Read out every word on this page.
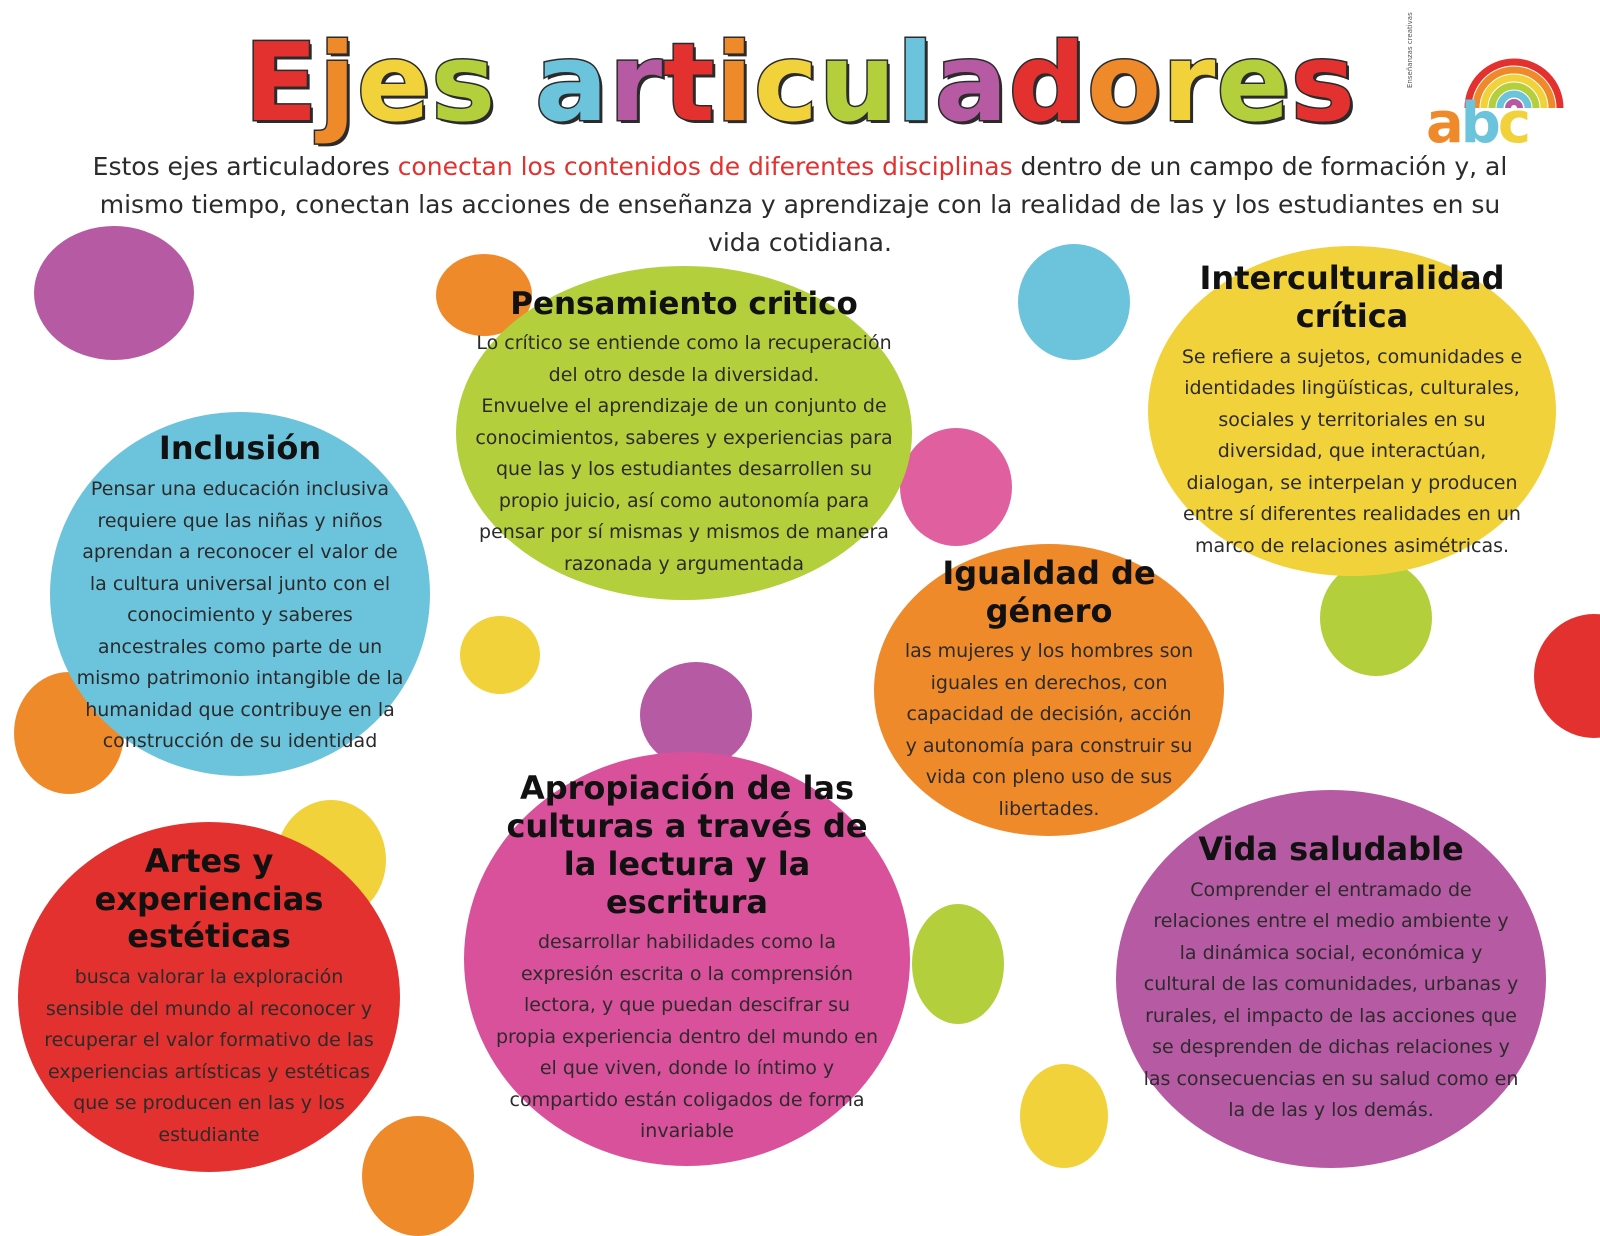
Ejes articuladores
Estos ejes articuladores conectan los contenidos de diferentes disciplinas dentro de un campo de formación y, al mismo tiempo, conectan las acciones de enseñanza y aprendizaje con la realidad de las y los estudiantes en su vida cotidiana.
Enseñanzas creativas
abc
Pensamiento critico

Lo crítico se entiende como la recuperación del otro desde la diversidad.

Envuelve el aprendizaje de un conjunto de conocimientos, saberes y experiencias para que las y los estudiantes desarrollen su propio juicio, así como autonomía para pensar por sí mismas y mismos de manera razonada y argumentada

Interculturalidad crítica

Se refiere a sujetos, comunidades e identidades lingüísticas, culturales, sociales y territoriales en su diversidad, que interactúan, dialogan, se interpelan y producen entre sí diferentes realidades en un marco de relaciones asimétricas.

Inclusión

Pensar una educación inclusiva requiere que las niñas y niños aprendan a reconocer el valor de la cultura universal junto con el conocimiento y saberes ancestrales como parte de un mismo patrimonio intangible de la humanidad que contribuye en la construcción de su identidad

Igualdad de género

las mujeres y los hombres son iguales en derechos, con capacidad de decisión, acción y autonomía para construir su vida con pleno uso de sus libertades.

Artes y experiencias estéticas

busca valorar la exploración sensible del mundo al reconocer y recuperar el valor formativo de las experiencias artísticas y estéticas que se producen en las y los estudiante

Apropiación de las culturas a través de la lectura y la escritura

desarrollar habilidades como la expresión escrita o la comprensión lectora, y que puedan descifrar su propia experiencia dentro del mundo en el que viven, donde lo íntimo y compartido están coligados de forma invariable

Vida saludable

Comprender el entramado de relaciones entre el medio ambiente y la dinámica social, económica y cultural de las comunidades, urbanas y rurales, el impacto de las acciones que se desprenden de dichas relaciones y las consecuencias en su salud como en la de las y los demás.
